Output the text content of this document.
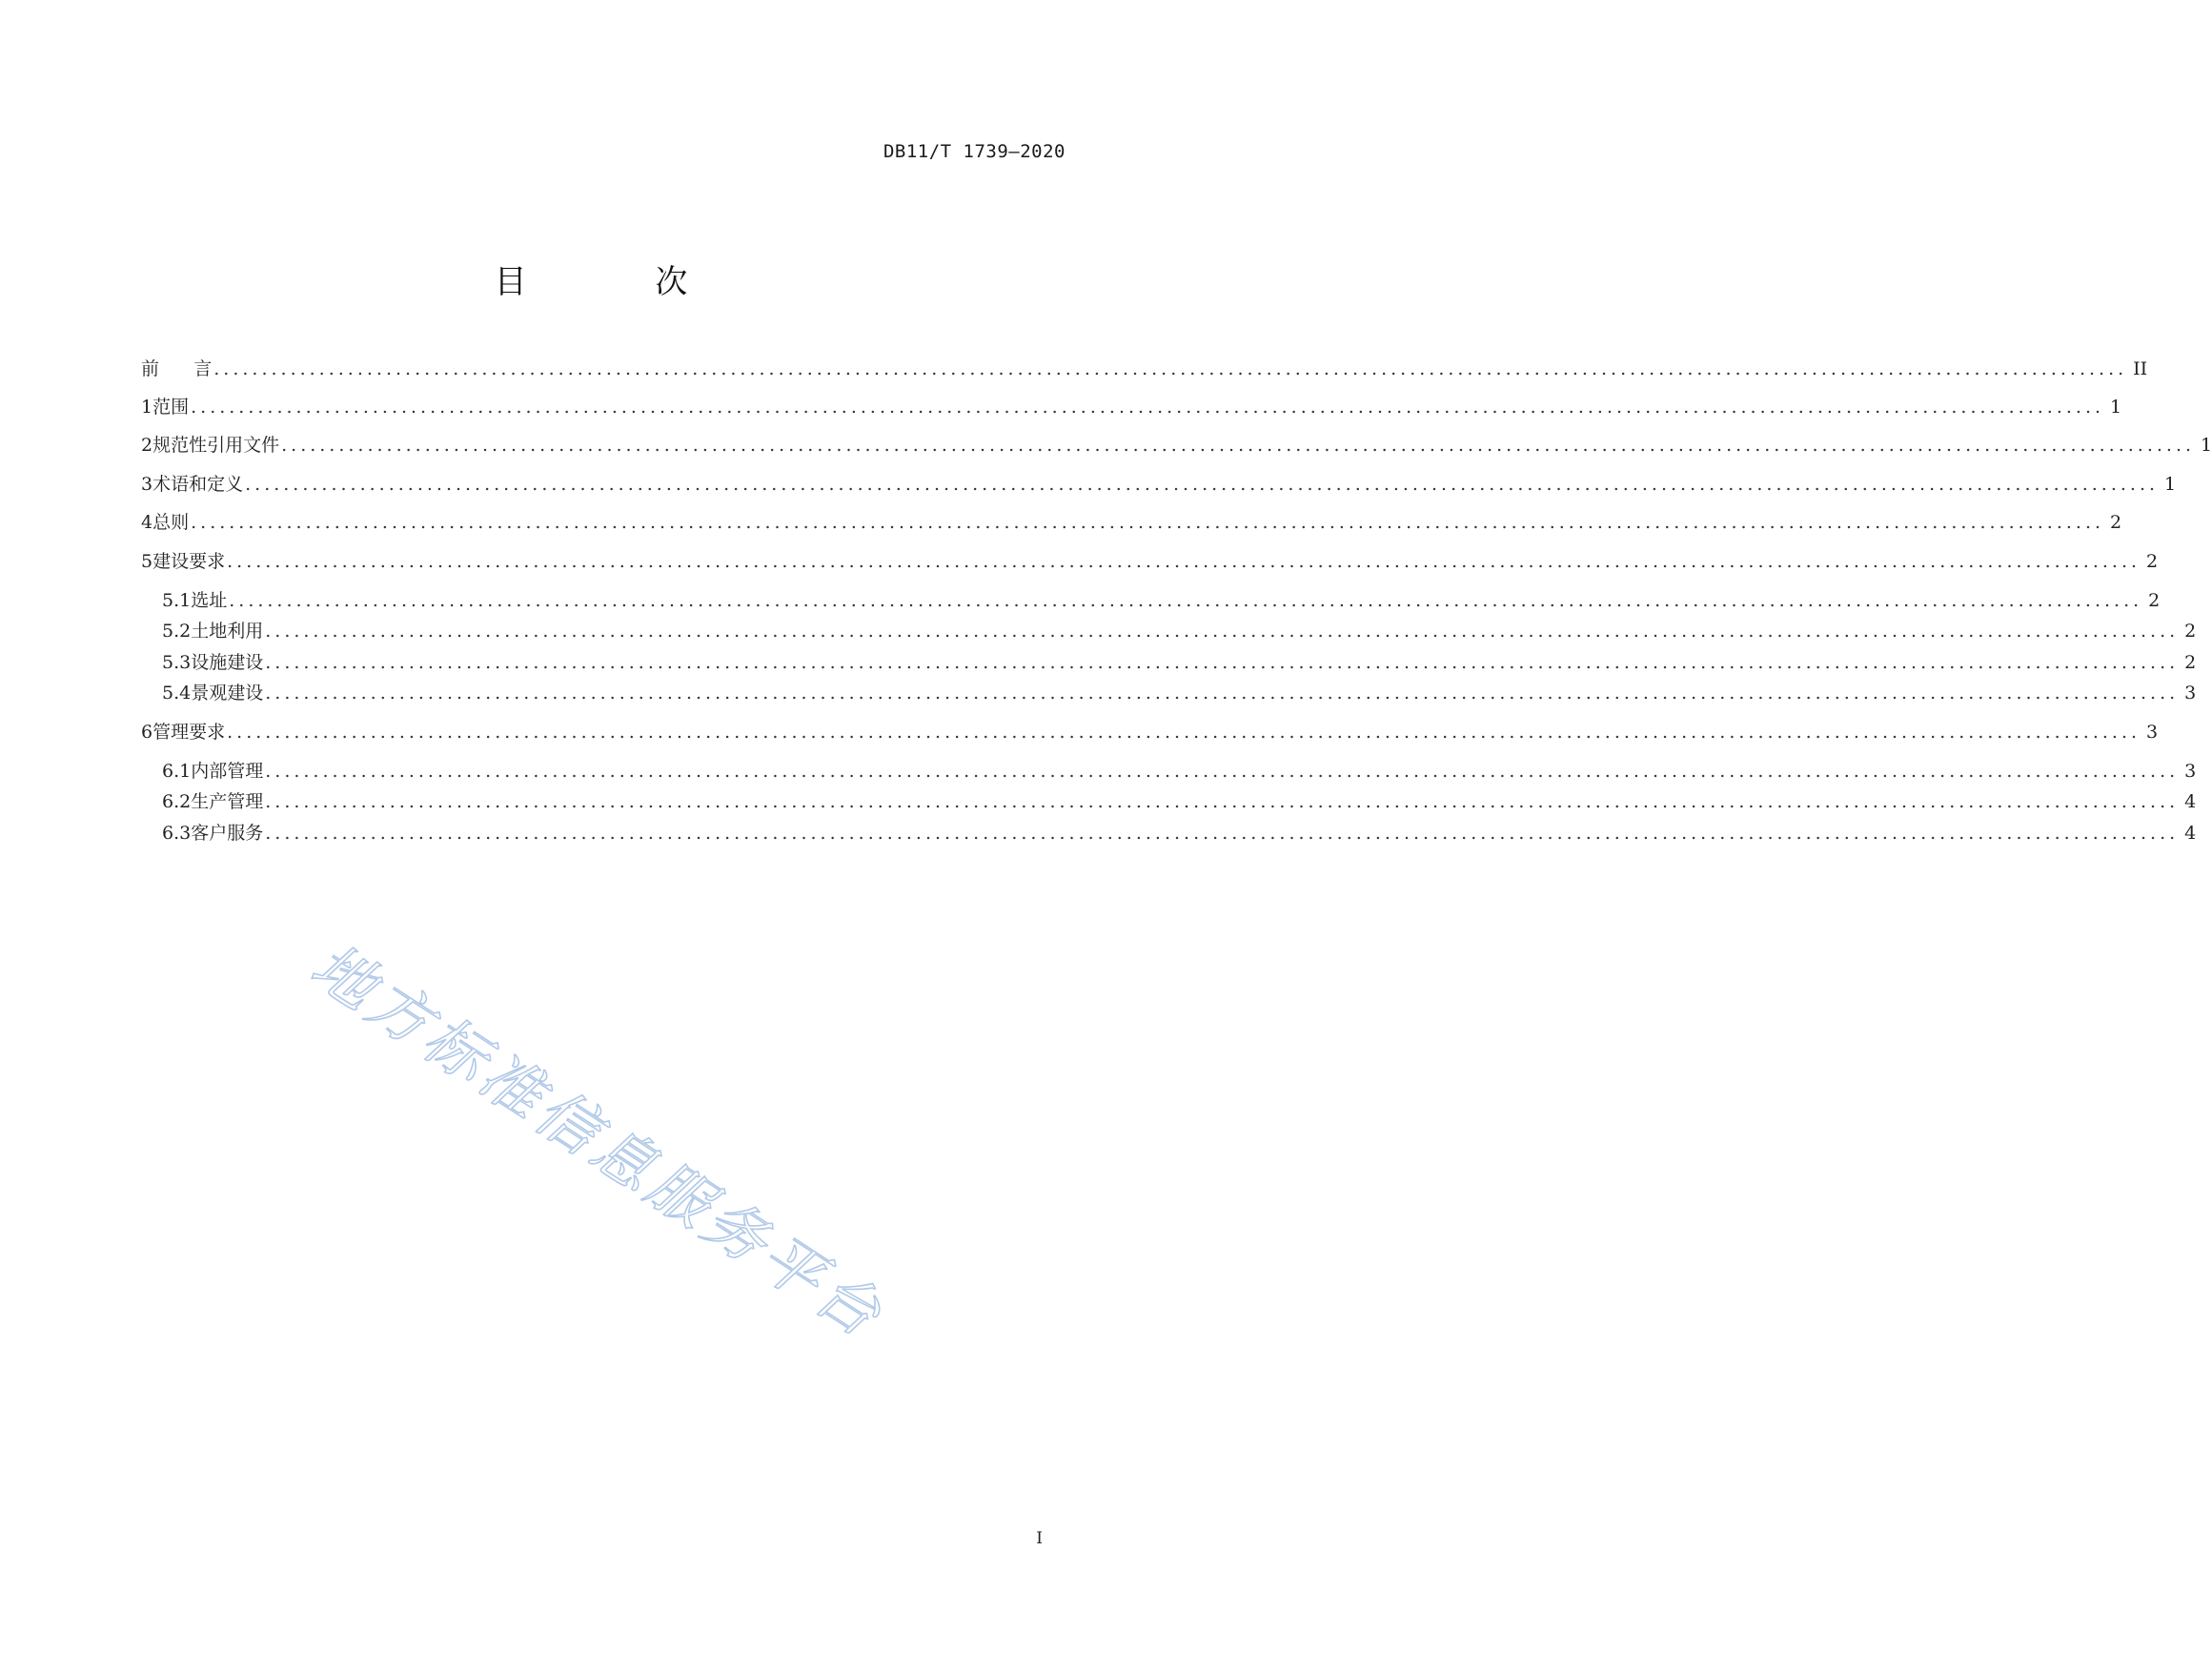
DB11/T 1739—2020
目 次
前      言 ........................................................................................................................................................................................................ II
1 范围 ........................................................................................................................................................................................................ 1
2 规范性引用文件 ........................................................................................................................................................................................................ 1
3 术语和定义 ........................................................................................................................................................................................................ 1
4 总则 ........................................................................................................................................................................................................ 2
5 建设要求 ........................................................................................................................................................................................................ 2
5.1 选址 ........................................................................................................................................................................................................ 2
5.2 土地利用 ........................................................................................................................................................................................................ 2
5.3 设施建设 ........................................................................................................................................................................................................ 2
5.4 景观建设 ........................................................................................................................................................................................................ 3
6 管理要求 ........................................................................................................................................................................................................ 3
6.1 内部管理 ........................................................................................................................................................................................................ 3
6.2 生产管理 ........................................................................................................................................................................................................ 4
6.3 客户服务 ........................................................................................................................................................................................................ 4
地方标准信息服务平台
I
